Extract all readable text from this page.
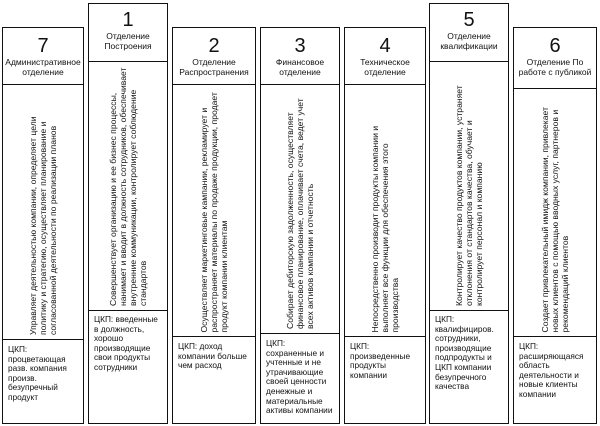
7
Административное отделение
Управляет деятельностью компании, определяет цели политику и стратегию, осуществляет планирование и согласованной деятельности по реализации планов
ЦКП: процветающая разв. компания произв. безупречный продукт
1
Отделение Построения
Совершенствует организацию и ее бизнес процессы, нанимает и вводит в должность сотрудников, обеспечивает внутренние коммуникации, контролирует соблюдение стандартов
ЦКП: введенные в должность, хорошо производящие свои продукты сотрудники
2
Отделение Распространения
Осуществляет маркетинговые кампании, рекламирует и распространяет материалы по продаже продукции, продает продукт компании клиентам
ЦКП: доход компании больше чем расход
3
Финансовое отделение
Собирает дебиторскую задолженность, осуществляет финансовое планирование, оплачивает счета, ведет учет всех активов компании и отчетность
ЦКП: сохраненные и учтенные и не утрачивающие своей ценности денежные и материальные активы компании
4
Техническое отделение
Непосредственно производит продукты компании и выполняет все функции для обеспечения этого производства
ЦКП: произведенные продукты компании
5
Отделение квалификации
Контролирует качество продуктов компании, устраняет отклонения от стандартов качества, обучает и контролирует персонал и компанию
ЦКП: квалифициров. сотрудники, производящие подпродукты и ЦКП компании безупречного качества
6
Отделение По работе с публикой
Создает привлекательный имидж компании, привлекает новых клиентов с помощью вводных услуг, партнеров и рекомендаций клиентов
ЦКП: расширяющаяся область деятельности и новые клиенты компании
